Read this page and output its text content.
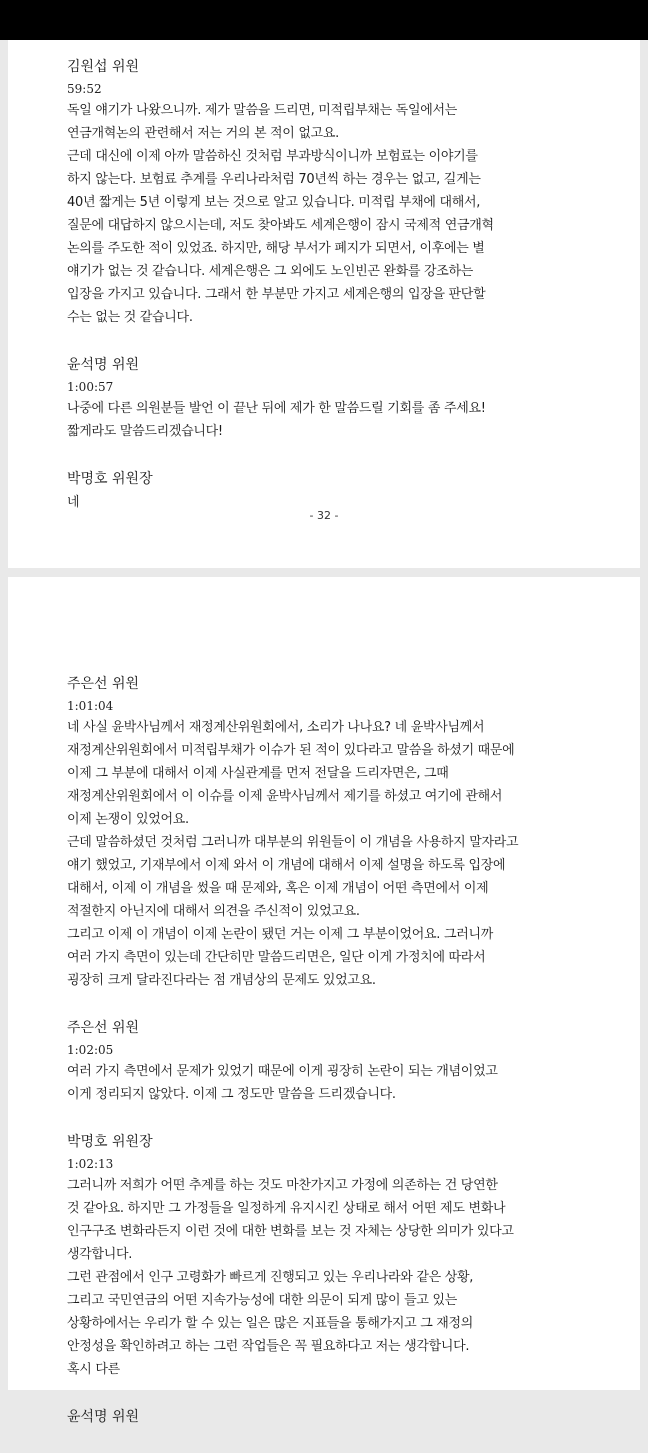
김원섭 위원
59:52
독일 얘기가 나왔으니까. 제가 말씀을 드리면, 미적립부채는 독일에서는
연금개혁논의 관련해서 저는 거의 본 적이 없고요.
근데 대신에 이제 아까 말씀하신 것처럼 부과방식이니까 보험료는 이야기를
하지 않는다. 보험료 추계를 우리나라처럼 70년씩 하는 경우는 없고, 길게는
40년 짧게는 5년 이렇게 보는 것으로 알고 있습니다. 미적립 부채에 대해서,
질문에 대답하지 않으시는데, 저도 찾아봐도 세계은행이 잠시 국제적 연금개혁
논의를 주도한 적이 있었죠. 하지만, 해당 부서가 폐지가 되면서, 이후에는 별
얘기가 없는 것 같습니다. 세계은행은 그 외에도 노인빈곤 완화를 강조하는
입장을 가지고 있습니다. 그래서 한 부분만 가지고 세계은행의 입장을 판단할
수는 없는 것 같습니다.
윤석명 위원
1:00:57
나중에 다른 의원분들 발언 이 끝난 뒤에 제가 한 말씀드릴 기회를 좀 주세요!
짧게라도 말씀드리겠습니다!
박명호 위원장
네
- 32 -
주은선 위원
1:01:04
네 사실 윤박사님께서 재정계산위원회에서, 소리가 나나요? 네 윤박사님께서
재정계산위원회에서 미적립부채가 이슈가 된 적이 있다라고 말씀을 하셨기 때문에
이제 그 부분에 대해서 이제 사실관계를 먼저 전달을 드리자면은, 그때
재정계산위원회에서 이 이슈를 이제 윤박사님께서 제기를 하셨고 여기에 관해서
이제 논쟁이 있었어요.
근데 말씀하셨던 것처럼 그러니까 대부분의 위원들이 이 개념을 사용하지 말자라고
얘기 했었고, 기재부에서 이제 와서 이 개념에 대해서 이제 설명을 하도록 입장에
대해서, 이제 이 개념을 썼을 때 문제와, 혹은 이제 개념이 어떤 측면에서 이제
적절한지 아닌지에 대해서 의견을 주신적이 있었고요.
그리고 이제 이 개념이 이제 논란이 됐던 거는 이제 그 부분이었어요. 그러니까
여러 가지 측면이 있는데 간단히만 말씀드리면은, 일단 이게 가정치에 따라서
굉장히 크게 달라진다라는 점 개념상의 문제도 있었고요.
주은선 위원
1:02:05
여러 가지 측면에서 문제가 있었기 때문에 이게 굉장히 논란이 되는 개념이었고
이게 정리되지 않았다. 이제 그 정도만 말씀을 드리겠습니다.
박명호 위원장
1:02:13
그러니까 저희가 어떤 추계를 하는 것도 마찬가지고 가정에 의존하는 건 당연한
것 같아요. 하지만 그 가정들을 일정하게 유지시킨 상태로 해서 어떤 제도 변화나
인구구조 변화라든지 이런 것에 대한 변화를 보는 것 자체는 상당한 의미가 있다고
생각합니다.
그런 관점에서 인구 고령화가 빠르게 진행되고 있는 우리나라와 같은 상황,
그리고 국민연금의 어떤 지속가능성에 대한 의문이 되게 많이 들고 있는
상황하에서는 우리가 할 수 있는 일은 많은 지표들을 통해가지고 그 재정의
안정성을 확인하려고 하는 그런 작업들은 꼭 필요하다고 저는 생각합니다.
혹시 다른
윤석명 위원
